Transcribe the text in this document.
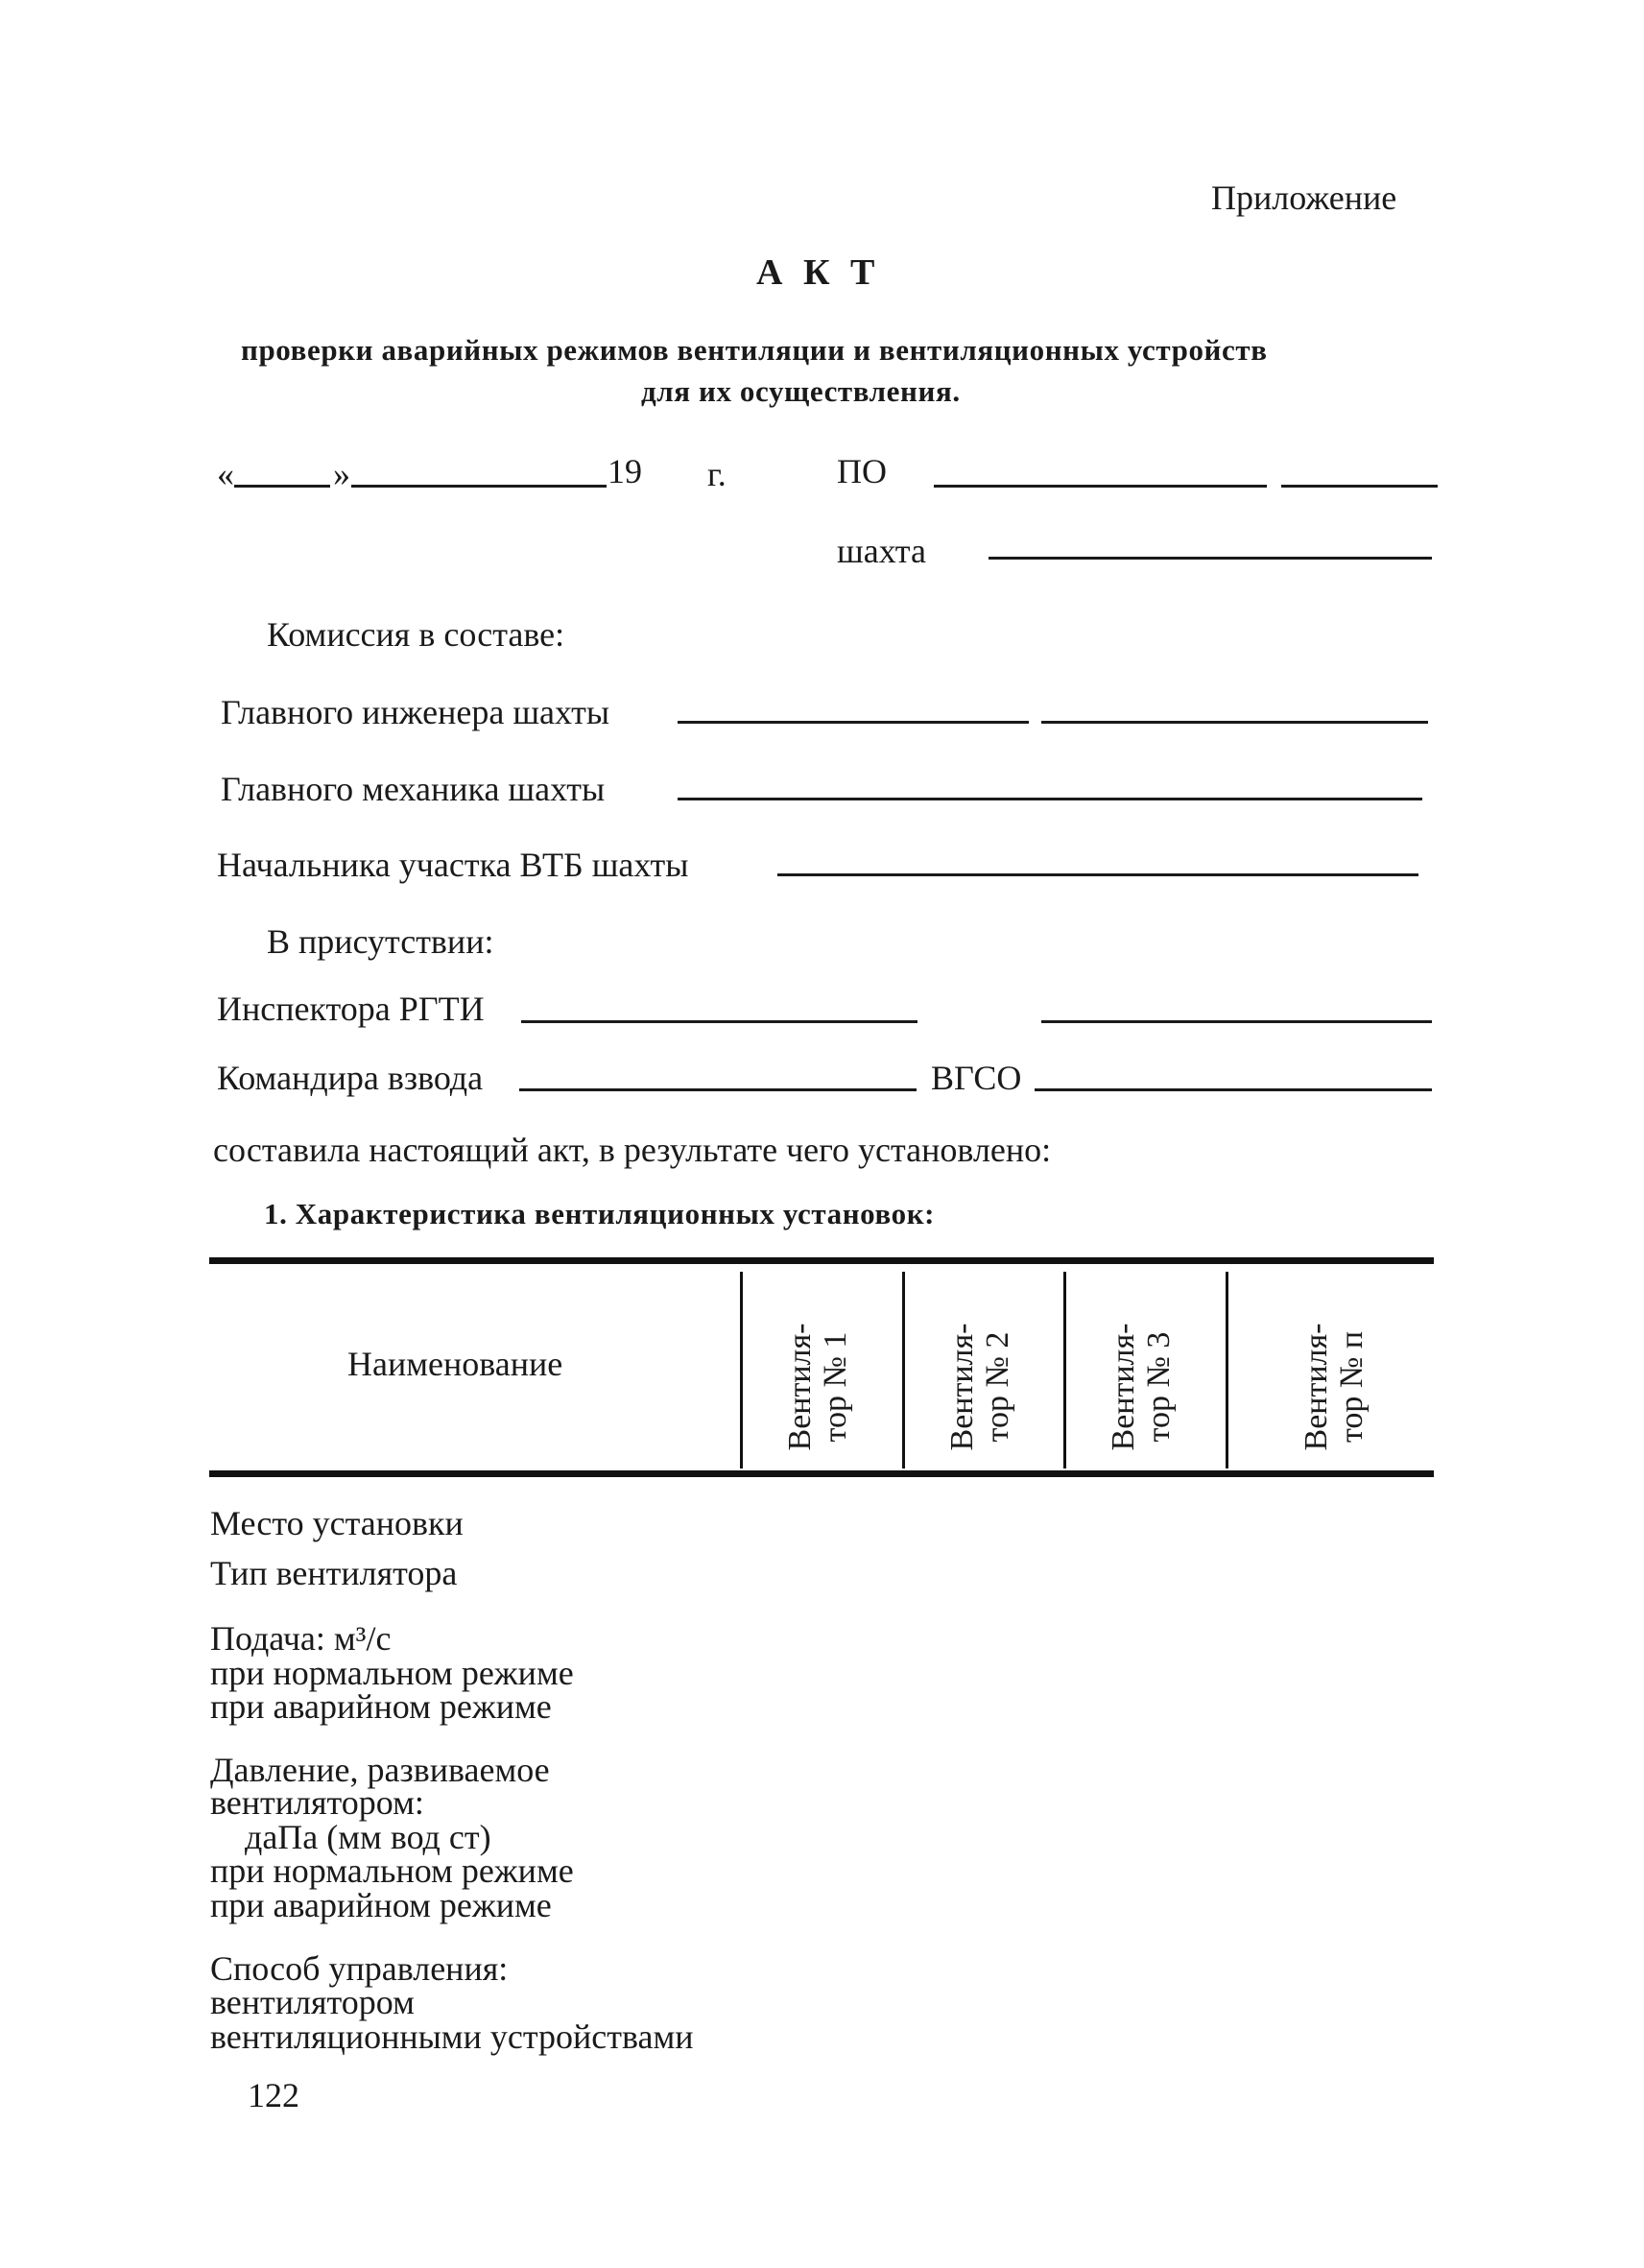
Приложение
А К Т
проверки аварийных режимов вентиляции и вентиляционных устройств
для их осуществления.
«	»	19 г.	ПО
шахта
Комиссия в составе:
Главного инженера шахты
Главного механика шахты
Начальника участка ВТБ шахты
В присутствии:
Инспектора РГТИ
Командира взвода	ВГСО
составила настоящий акт, в результате чего установлено:
1. Характеристика вентиляционных установок:
Наименование	Вентиля- тор № 1	Вентиля- тор № 2	Вентиля- тор № 3	Вентиля- тор № п
Место установки
Тип вентилятора
Подача: м³/с
при нормальном режиме
при аварийном режиме
Давление, развиваемое
вентилятором:
даПа (мм вод ст)
при нормальном режиме
при аварийном режиме
Способ управления:
вентилятором
вентиляционными устройствами
122
